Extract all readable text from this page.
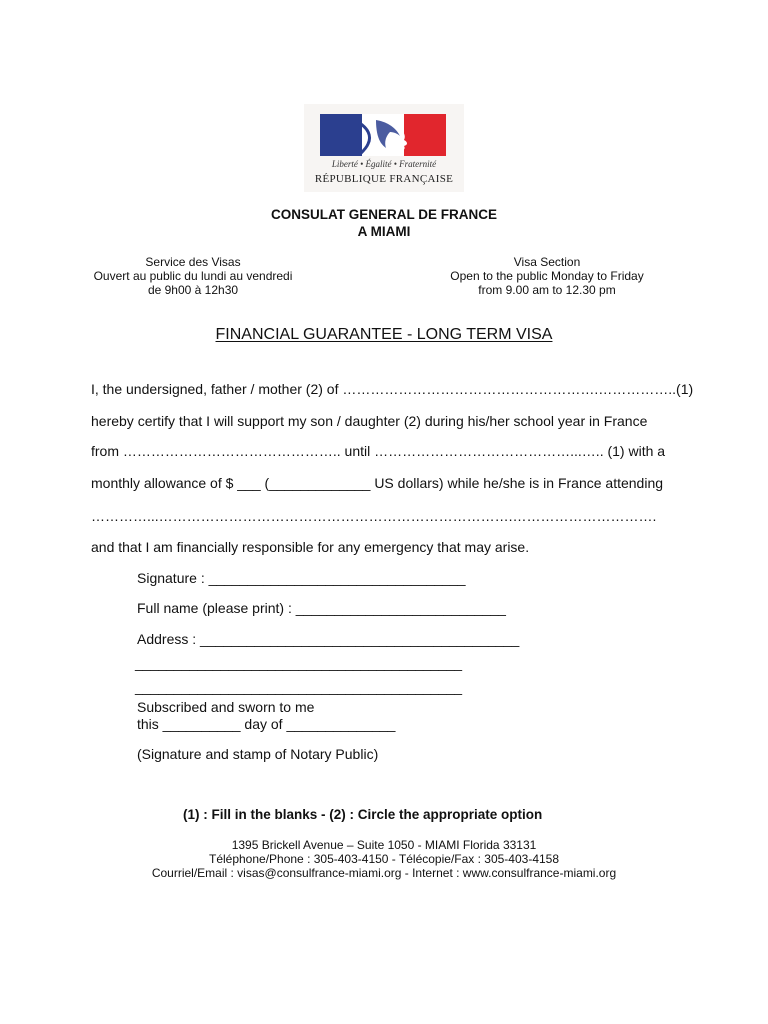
Liberté • Égalité • Fraternité
RÉPUBLIQUE FRANÇAISE
CONSULAT GENERAL DE FRANCE
A MIAMI
Service des Visas
Ouvert au public du lundi au vendredi
de 9h00 à 12h30
Visa Section
Open to the public Monday to Friday
from 9.00 am to 12.30 pm
FINANCIAL GUARANTEE - LONG TERM VISA
I, the undersigned, father / mother (2) of ……………………………………………….……………..(1)
hereby certify that I will support my son / daughter (2) during his/her school year in France
from ……………………………………….. until ……………………………………...….. (1) with a
monthly allowance of $ ___ (_____________ US dollars) while he/she is in France attending
…………...………………………………………………………………….………………………….
and that I am financially responsible for any emergency that may arise.
Signature : _________________________________
Full name (please print) : ___________________________
Address : _________________________________________
__________________________________________
__________________________________________
Subscribed and sworn to me
this __________ day of ______________
(Signature and stamp of Notary Public)
(1) : Fill in the blanks - (2) : Circle the appropriate option
1395 Brickell Avenue – Suite 1050 - MIAMI Florida 33131
Téléphone/Phone : 305-403-4150 - Télécopie/Fax : 305-403-4158
Courriel/Email : visas@consulfrance-miami.org - Internet : www.consulfrance-miami.org
